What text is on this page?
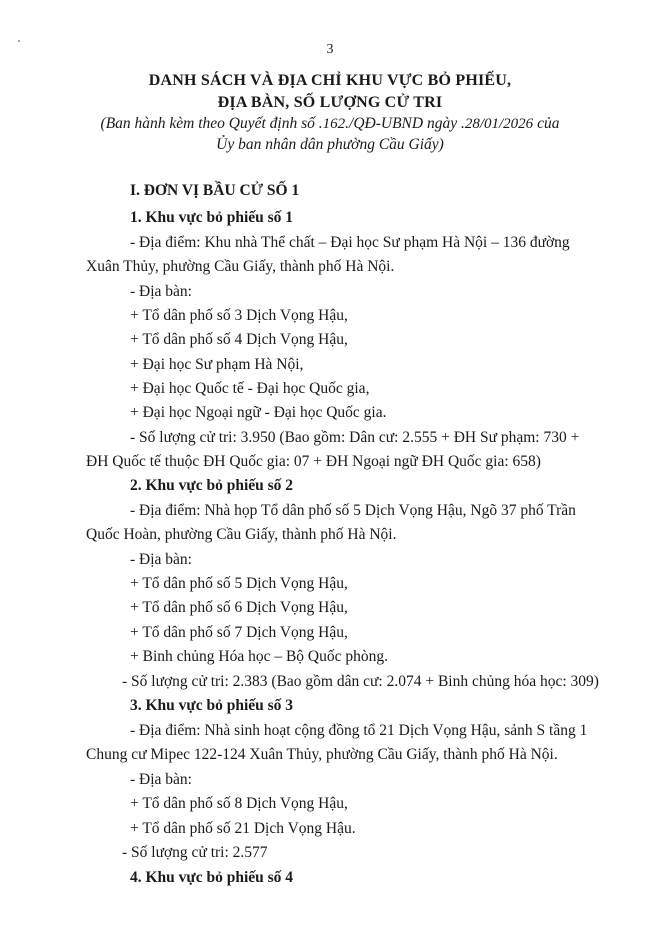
3
DANH SÁCH VÀ ĐỊA CHỈ KHU VỰC BỎ PHIẾU,
ĐỊA BÀN, SỐ LƯỢNG CỬ TRI
(Ban hành kèm theo Quyết định số .162./QĐ-UBND ngày .28/01/2026 của
Ủy ban nhân dân phường Cầu Giấy)
I. ĐƠN VỊ BẦU CỬ SỐ 1
1. Khu vực bỏ phiếu số 1
- Địa điểm: Khu nhà Thể chất – Đại học Sư phạm Hà Nội – 136 đường
Xuân Thủy, phường Cầu Giấy, thành phố Hà Nội.
- Địa bàn:
+ Tổ dân phố số 3 Dịch Vọng Hậu,
+ Tổ dân phố số 4 Dịch Vọng Hậu,
+ Đại học Sư phạm Hà Nội,
+ Đại học Quốc tế - Đại học Quốc gia,
+ Đại học Ngoại ngữ - Đại học Quốc gia.
- Số lượng cử tri: 3.950 (Bao gồm: Dân cư: 2.555 + ĐH Sư phạm: 730 +
ĐH Quốc tế thuộc ĐH Quốc gia: 07 + ĐH Ngoại ngữ ĐH Quốc gia: 658)
2. Khu vực bỏ phiếu số 2
- Địa điểm: Nhà họp Tổ dân phố số 5 Dịch Vọng Hậu, Ngõ 37 phố Trần
Quốc Hoàn, phường Cầu Giấy, thành phố Hà Nội.
- Địa bàn:
+ Tổ dân phố số 5 Dịch Vọng Hậu,
+ Tổ dân phố số 6 Dịch Vọng Hậu,
+ Tổ dân phố số 7 Dịch Vọng Hậu,
+ Binh chủng Hóa học – Bộ Quốc phòng.
- Số lượng cử tri: 2.383 (Bao gồm dân cư: 2.074 + Binh chủng hóa học: 309)
3. Khu vực bỏ phiếu số 3
- Địa điểm: Nhà sinh hoạt cộng đồng tổ 21 Dịch Vọng Hậu, sảnh S tầng 1
Chung cư Mipec 122-124 Xuân Thủy, phường Cầu Giấy, thành phố Hà Nội.
- Địa bàn:
+ Tổ dân phố số 8 Dịch Vọng Hậu,
+ Tổ dân phố số 21 Dịch Vọng Hậu.
- Số lượng cử tri: 2.577
4. Khu vực bỏ phiếu số 4
